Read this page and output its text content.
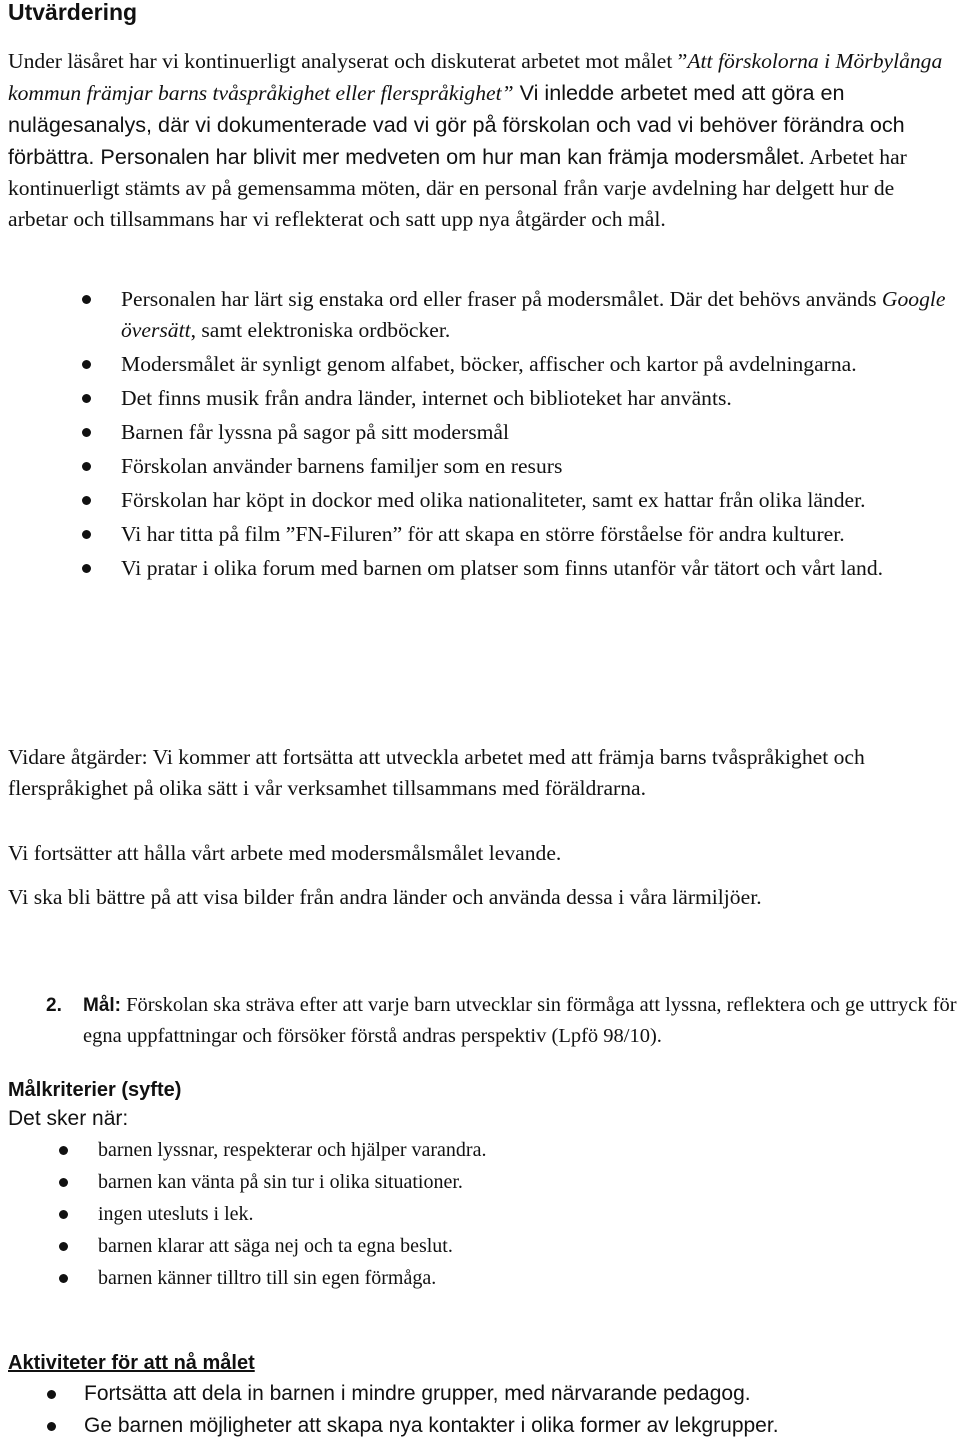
Utvärdering

Under läsåret har vi kontinuerligt analyserat och diskuterat arbetet mot målet ”Att förskolorna i Mörbylånga kommun främjar barns tvåspråkighet eller flerspråkighet” Vi inledde arbetet med att göra en nulägesanalys, där vi dokumenterade vad vi gör på förskolan och vad vi behöver förändra och förbättra. Personalen har blivit mer medveten om hur man kan främja modersmålet. Arbetet har kontinuerligt stämts av på gemensamma möten, där en personal från varje avdelning har delgett hur de arbetar och tillsammans har vi reflekterat och satt upp nya åtgärder och mål.

Personalen har lärt sig enstaka ord eller fraser på modersmålet. Där det behövs används Google översätt, samt elektroniska ordböcker.
Modersmålet är synligt genom alfabet, böcker, affischer och kartor på avdelningarna.
Det finns musik från andra länder, internet och biblioteket har använts.
Barnen får lyssna på sagor på sitt modersmål
Förskolan använder barnens familjer som en resurs
Förskolan har köpt in dockor med olika nationaliteter, samt ex hattar från olika länder.
Vi har titta på film ”FN-Filuren” för att skapa en större förståelse för andra kulturer.
Vi pratar i olika forum med barnen om platser som finns utanför vår tätort och vårt land.

Vidare åtgärder: Vi kommer att fortsätta att utveckla arbetet med att främja barns tvåspråkighet och flerspråkighet på olika sätt i vår verksamhet tillsammans med föräldrarna.

Vi fortsätter att hålla vårt arbete med modersmålsmålet levande.

Vi ska bli bättre på att visa bilder från andra länder och använda dessa i våra lärmiljöer.

2.	Mål: Förskolan ska sträva efter att varje barn utvecklar sin förmåga att lyssna, reflektera och ge uttryck för egna uppfattningar och försöker förstå andras perspektiv (Lpfö 98/10).
Målkriterier (syfte)

Det sker när:

barnen lyssnar, respekterar och hjälper varandra.
barnen kan vänta på sin tur i olika situationer.
ingen utesluts i lek.
barnen klarar att säga nej och ta egna beslut.
barnen känner tilltro till sin egen förmåga.
Aktiviteter för att nå målet
Fortsätta att dela in barnen i mindre grupper, med närvarande pedagog.
Ge barnen möjligheter att skapa nya kontakter i olika former av lekgrupper.
